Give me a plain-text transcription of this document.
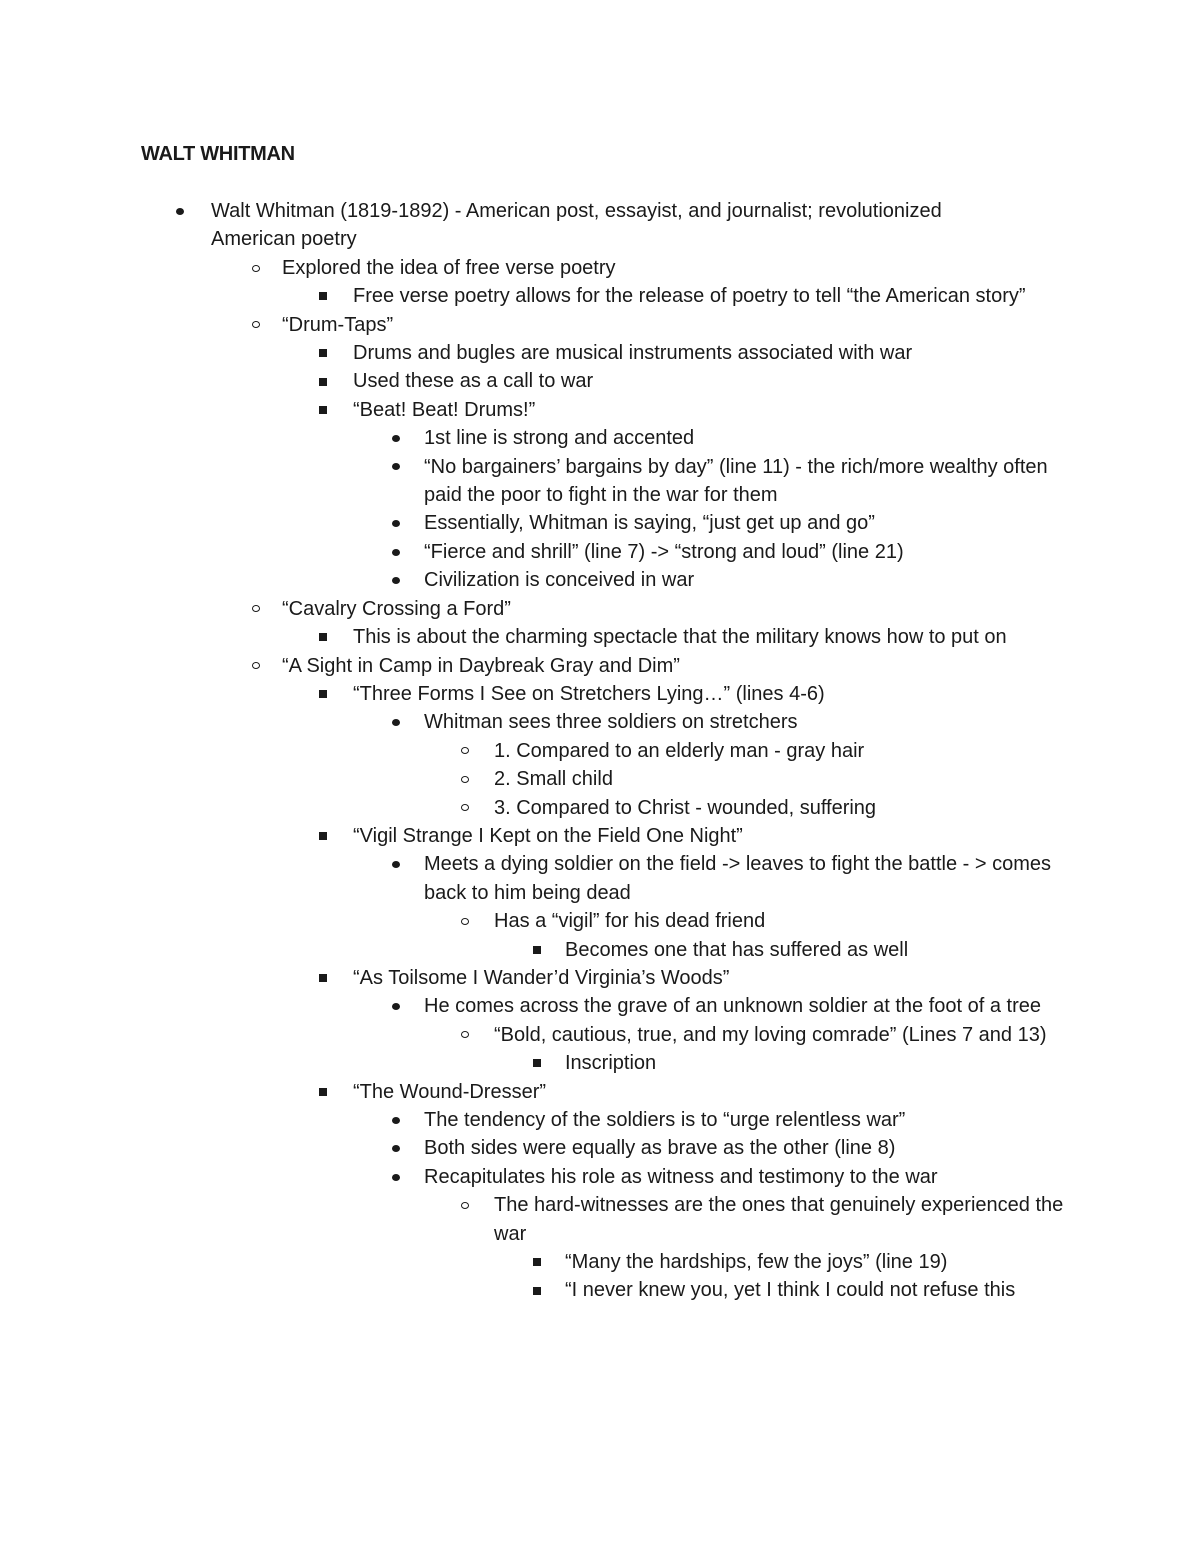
WALT WHITMAN
Walt Whitman (1819-1892) - American post, essayist, and journalist; revolutionized American poetry
Explored the idea of free verse poetry
Free verse poetry allows for the release of poetry to tell “the American story”
“Drum-Taps”
Drums and bugles are musical instruments associated with war
Used these as a call to war
“Beat! Beat! Drums!”
1st line is strong and accented
“No bargainers’ bargains by day” (line 11) - the rich/more wealthy often paid the poor to fight in the war for them
Essentially, Whitman is saying, “just get up and go”
“Fierce and shrill” (line 7) -> “strong and loud” (line 21)
Civilization is conceived in war
“Cavalry Crossing a Ford”
This is about the charming spectacle that the military knows how to put on
“A Sight in Camp in Daybreak Gray and Dim”
“Three Forms I See on Stretchers Lying…” (lines 4-6)
Whitman sees three soldiers on stretchers
1. Compared to an elderly man - gray hair
2. Small child
3. Compared to Christ - wounded, suffering
“Vigil Strange I Kept on the Field One Night”
Meets a dying soldier on the field -> leaves to fight the battle - > comes back to him being dead
Has a “vigil” for his dead friend
Becomes one that has suffered as well
“As Toilsome I Wander’d Virginia’s Woods”
He comes across the grave of an unknown soldier at the foot of a tree
“Bold, cautious, true, and my loving comrade” (Lines 7 and 13)
Inscription
“The Wound-Dresser”
The tendency of the soldiers is to “urge relentless war”
Both sides were equally as brave as the other (line 8)
Recapitulates his role as witness and testimony to the war
The hard-witnesses are the ones that genuinely experienced the war
“Many the hardships, few the joys” (line 19)
“I never knew you, yet I think I could not refuse this
